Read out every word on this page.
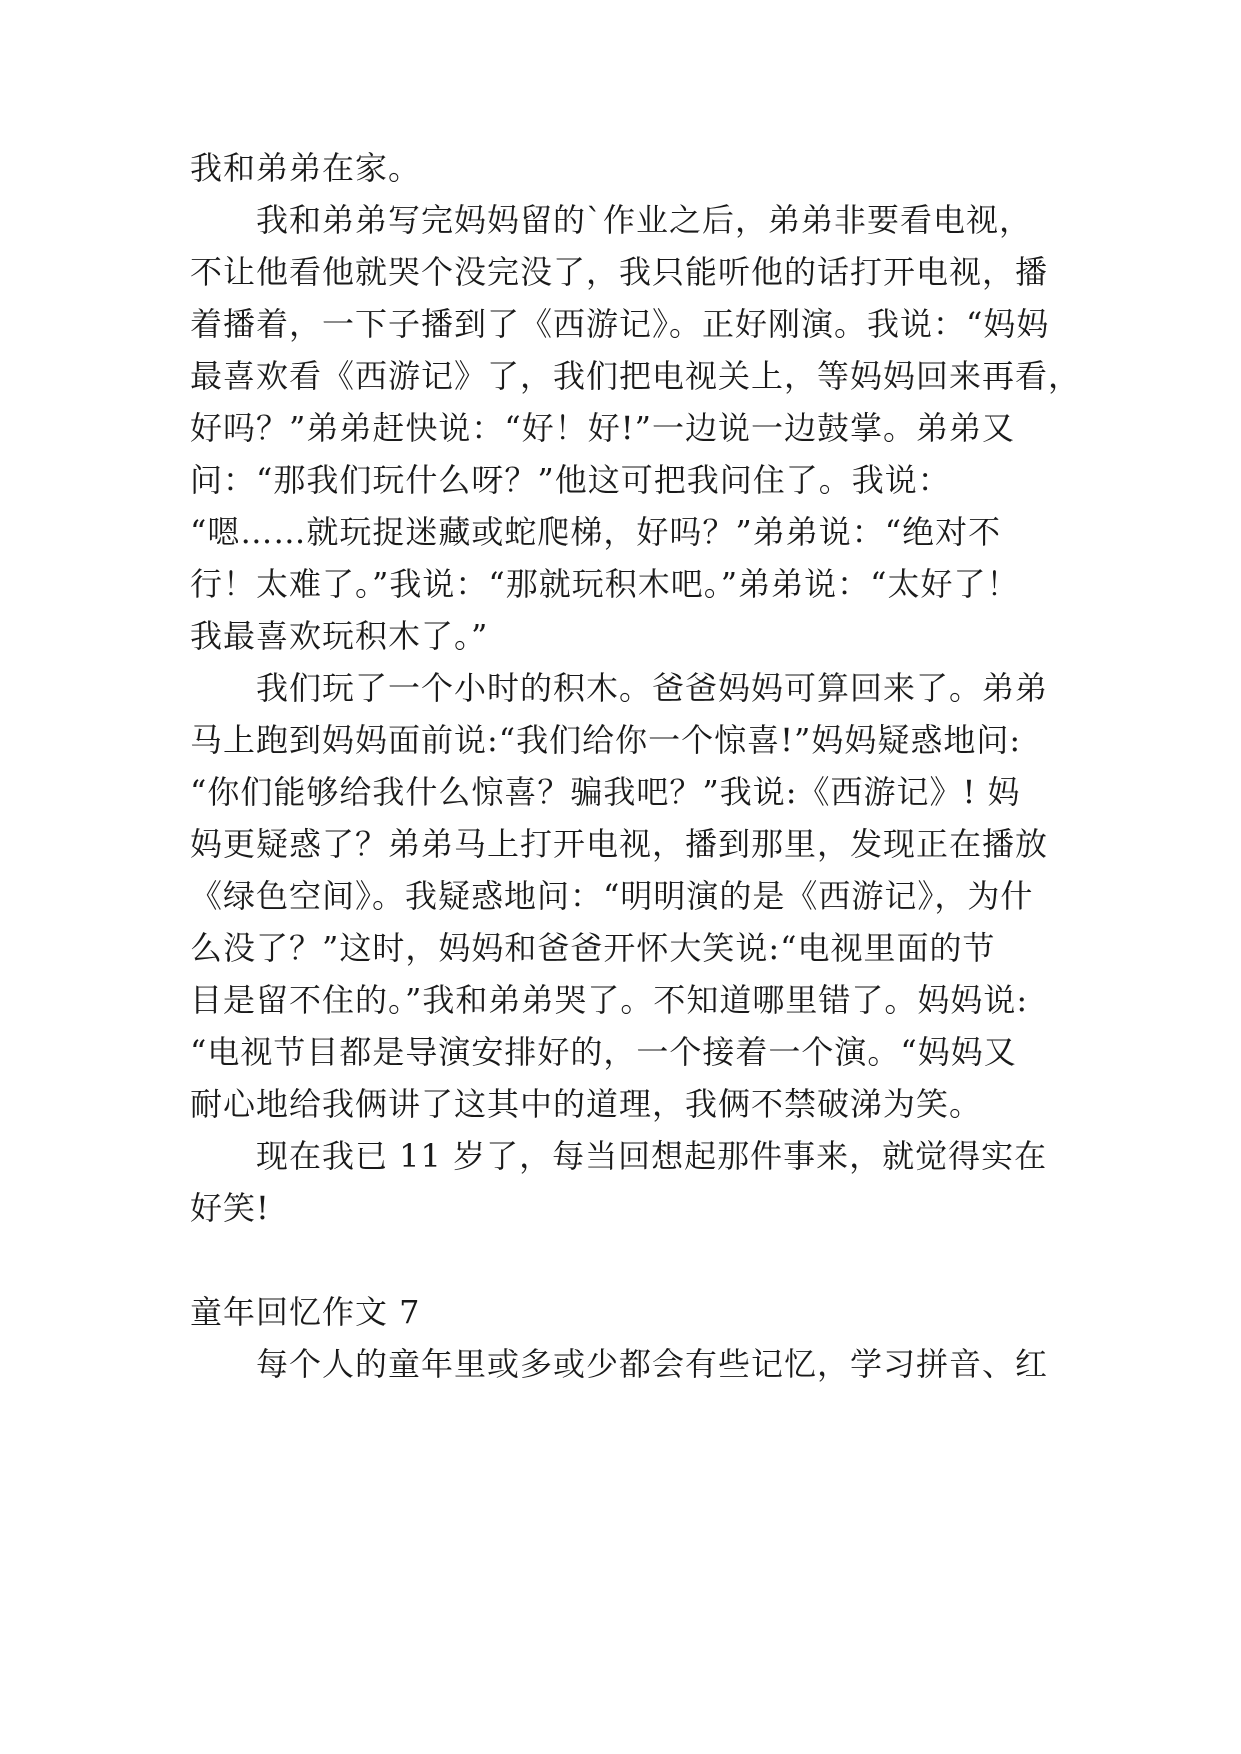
我和弟弟在家。
我和弟弟写完妈妈留的`作业之后，弟弟非要看电视，
不让他看他就哭个没完没了，我只能听他的话打开电视，播
着播着，一下子播到了《西游记》。正好刚演。我说：“妈妈
最喜欢看《西游记》了，我们把电视关上，等妈妈回来再看，
好吗？”弟弟赶快说：“好！好!”一边说一边鼓掌。弟弟又
问：“那我们玩什么呀？”他这可把我问住了。我说：
“嗯……就玩捉迷藏或蛇爬梯，好吗？”弟弟说：“绝对不
行！太难了。”我说：“那就玩积木吧。”弟弟说：“太好了！
我最喜欢玩积木了。”
我们玩了一个小时的积木。爸爸妈妈可算回来了。弟弟
马上跑到妈妈面前说:“我们给你一个惊喜!”妈妈疑惑地问:
“你们能够给我什么惊喜？骗我吧？”我说:《西游记》! 妈
妈更疑惑了？弟弟马上打开电视，播到那里，发现正在播放
《绿色空间》。我疑惑地问：“明明演的是《西游记》，为什
么没了？”这时，妈妈和爸爸开怀大笑说:“电视里面的节
目是留不住的。”我和弟弟哭了。不知道哪里错了。妈妈说:
“电视节目都是导演安排好的，一个接着一个演。“妈妈又
耐心地给我俩讲了这其中的道理，我俩不禁破涕为笑。
现在我已 11 岁了，每当回想起那件事来，就觉得实在
好笑!
童年回忆作文 7
每个人的童年里或多或少都会有些记忆，学习拼音、红
